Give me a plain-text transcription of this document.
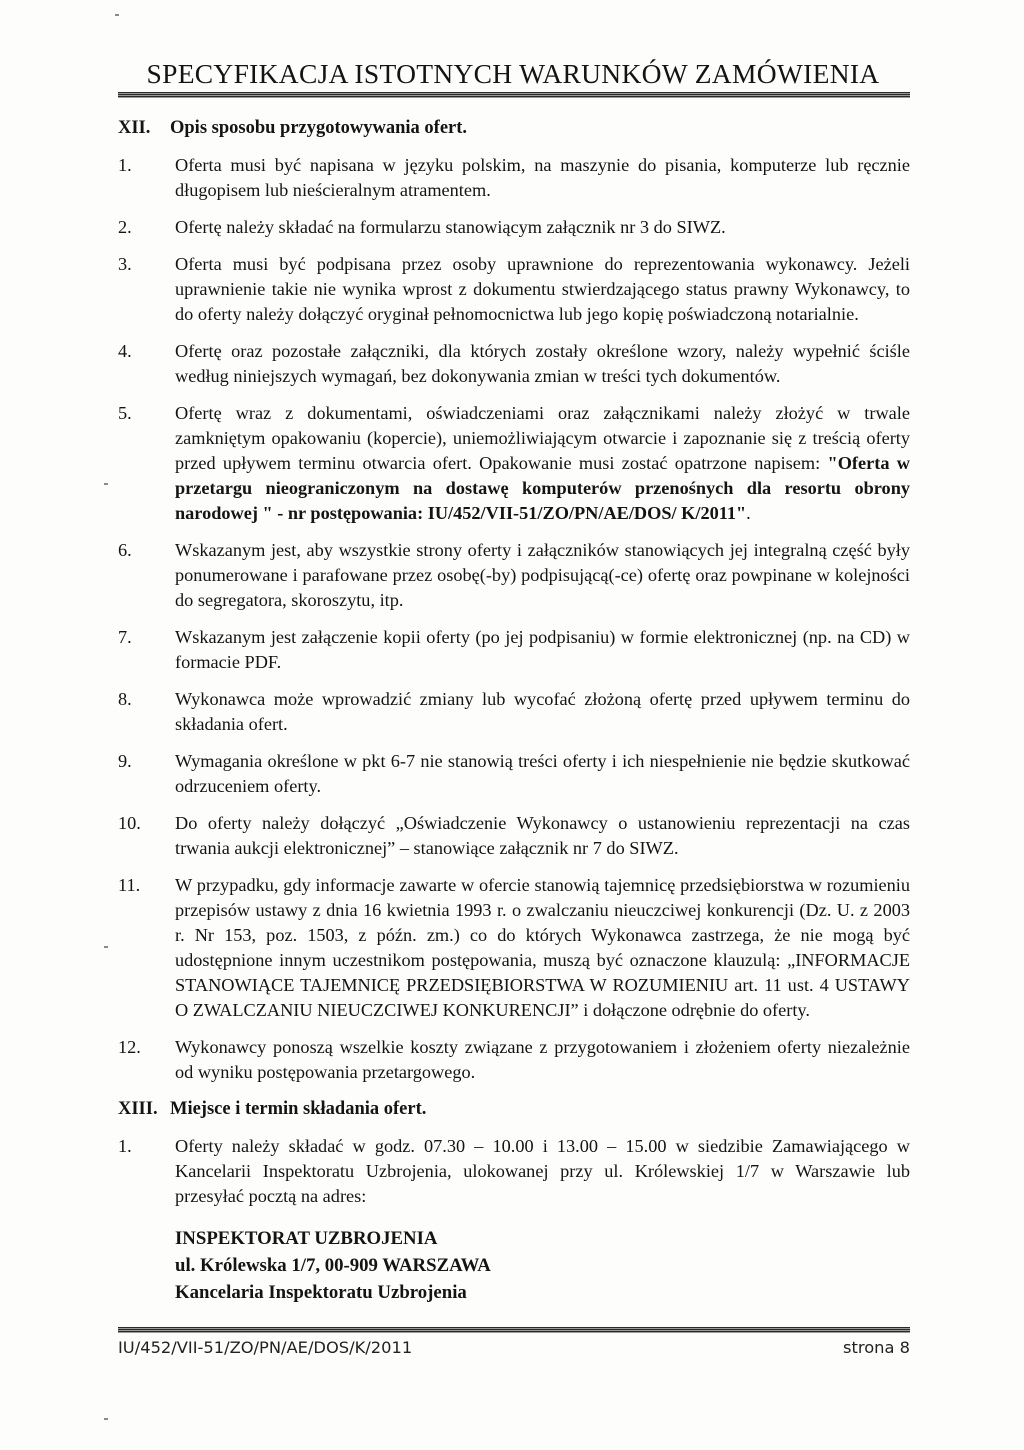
SPECYFIKACJA ISTOTNYCH WARUNKÓW ZAMÓWIENIA
XII.	Opis sposobu przygotowywania ofert.
1.	Oferta musi być napisana w języku polskim, na maszynie do pisania, komputerze lub ręcznie długopisem lub nieścieralnym atramentem.
2.	Ofertę należy składać na formularzu stanowiącym załącznik nr 3 do SIWZ.
3.	Oferta musi być podpisana przez osoby uprawnione do reprezentowania wykonawcy. Jeżeli uprawnienie takie nie wynika wprost z dokumentu stwierdzającego status prawny Wykonawcy, to do oferty należy dołączyć oryginał pełnomocnictwa lub jego kopię poświadczoną notarialnie.
4.	Ofertę oraz pozostałe załączniki, dla których zostały określone wzory, należy wypełnić ściśle według niniejszych wymagań, bez dokonywania zmian w treści tych dokumentów.
5.	Ofertę wraz z dokumentami, oświadczeniami oraz załącznikami należy złożyć w trwale zamkniętym opakowaniu (kopercie), uniemożliwiającym otwarcie i zapoznanie się z treścią oferty przed upływem terminu otwarcia ofert. Opakowanie musi zostać opatrzone napisem: "Oferta w przetargu nieograniczonym na dostawę komputerów przenośnych dla resortu obrony narodowej " - nr postępowania: IU/452/VII-51/ZO/PN/AE/DOS/ K/2011".
6.	Wskazanym jest, aby wszystkie strony oferty i załączników stanowiących jej integralną część były ponumerowane i parafowane przez osobę(-by) podpisującą(-ce) ofertę oraz powpinane w kolejności do segregatora, skoroszytu, itp.
7.	Wskazanym jest załączenie kopii oferty (po jej podpisaniu) w formie elektronicznej (np. na CD) w formacie PDF.
8.	Wykonawca może wprowadzić zmiany lub wycofać złożoną ofertę przed upływem terminu do składania ofert.
9.	Wymagania określone w pkt 6-7 nie stanowią treści oferty i ich niespełnienie nie będzie skutkować odrzuceniem oferty.
10.	Do oferty należy dołączyć „Oświadczenie Wykonawcy o ustanowieniu reprezentacji na czas trwania aukcji elektronicznej” – stanowiące załącznik nr 7 do SIWZ.
11.	W przypadku, gdy informacje zawarte w ofercie stanowią tajemnicę przedsiębiorstwa w rozumieniu przepisów ustawy z dnia 16 kwietnia 1993 r. o zwalczaniu nieuczciwej konkurencji (Dz. U. z 2003 r. Nr 153, poz. 1503, z późn. zm.) co do których Wykonawca zastrzega, że nie mogą być udostępnione innym uczestnikom postępowania, muszą być oznaczone klauzulą: „INFORMACJE STANOWIĄCE TAJEMNICĘ PRZEDSIĘBIORSTWA W ROZUMIENIU art. 11 ust. 4 USTAWY O ZWALCZANIU NIEUCZCIWEJ KONKURENCJI” i dołączone odrębnie do oferty.
12.	Wykonawcy ponoszą wszelkie koszty związane z przygotowaniem i złożeniem oferty niezależnie od wyniku postępowania przetargowego.
XIII. Miejsce i termin składania ofert.
1.	Oferty należy składać w godz. 07.30 – 10.00 i 13.00 – 15.00 w siedzibie Zamawiającego w Kancelarii Inspektoratu Uzbrojenia, ulokowanej przy ul. Królewskiej 1/7 w Warszawie lub przesyłać pocztą na adres:
INSPEKTORAT UZBROJENIA
ul. Królewska 1/7, 00-909 WARSZAWA
Kancelaria Inspektoratu Uzbrojenia
IU/452/VII-51/ZO/PN/AE/DOS/K/2011	strona 8
